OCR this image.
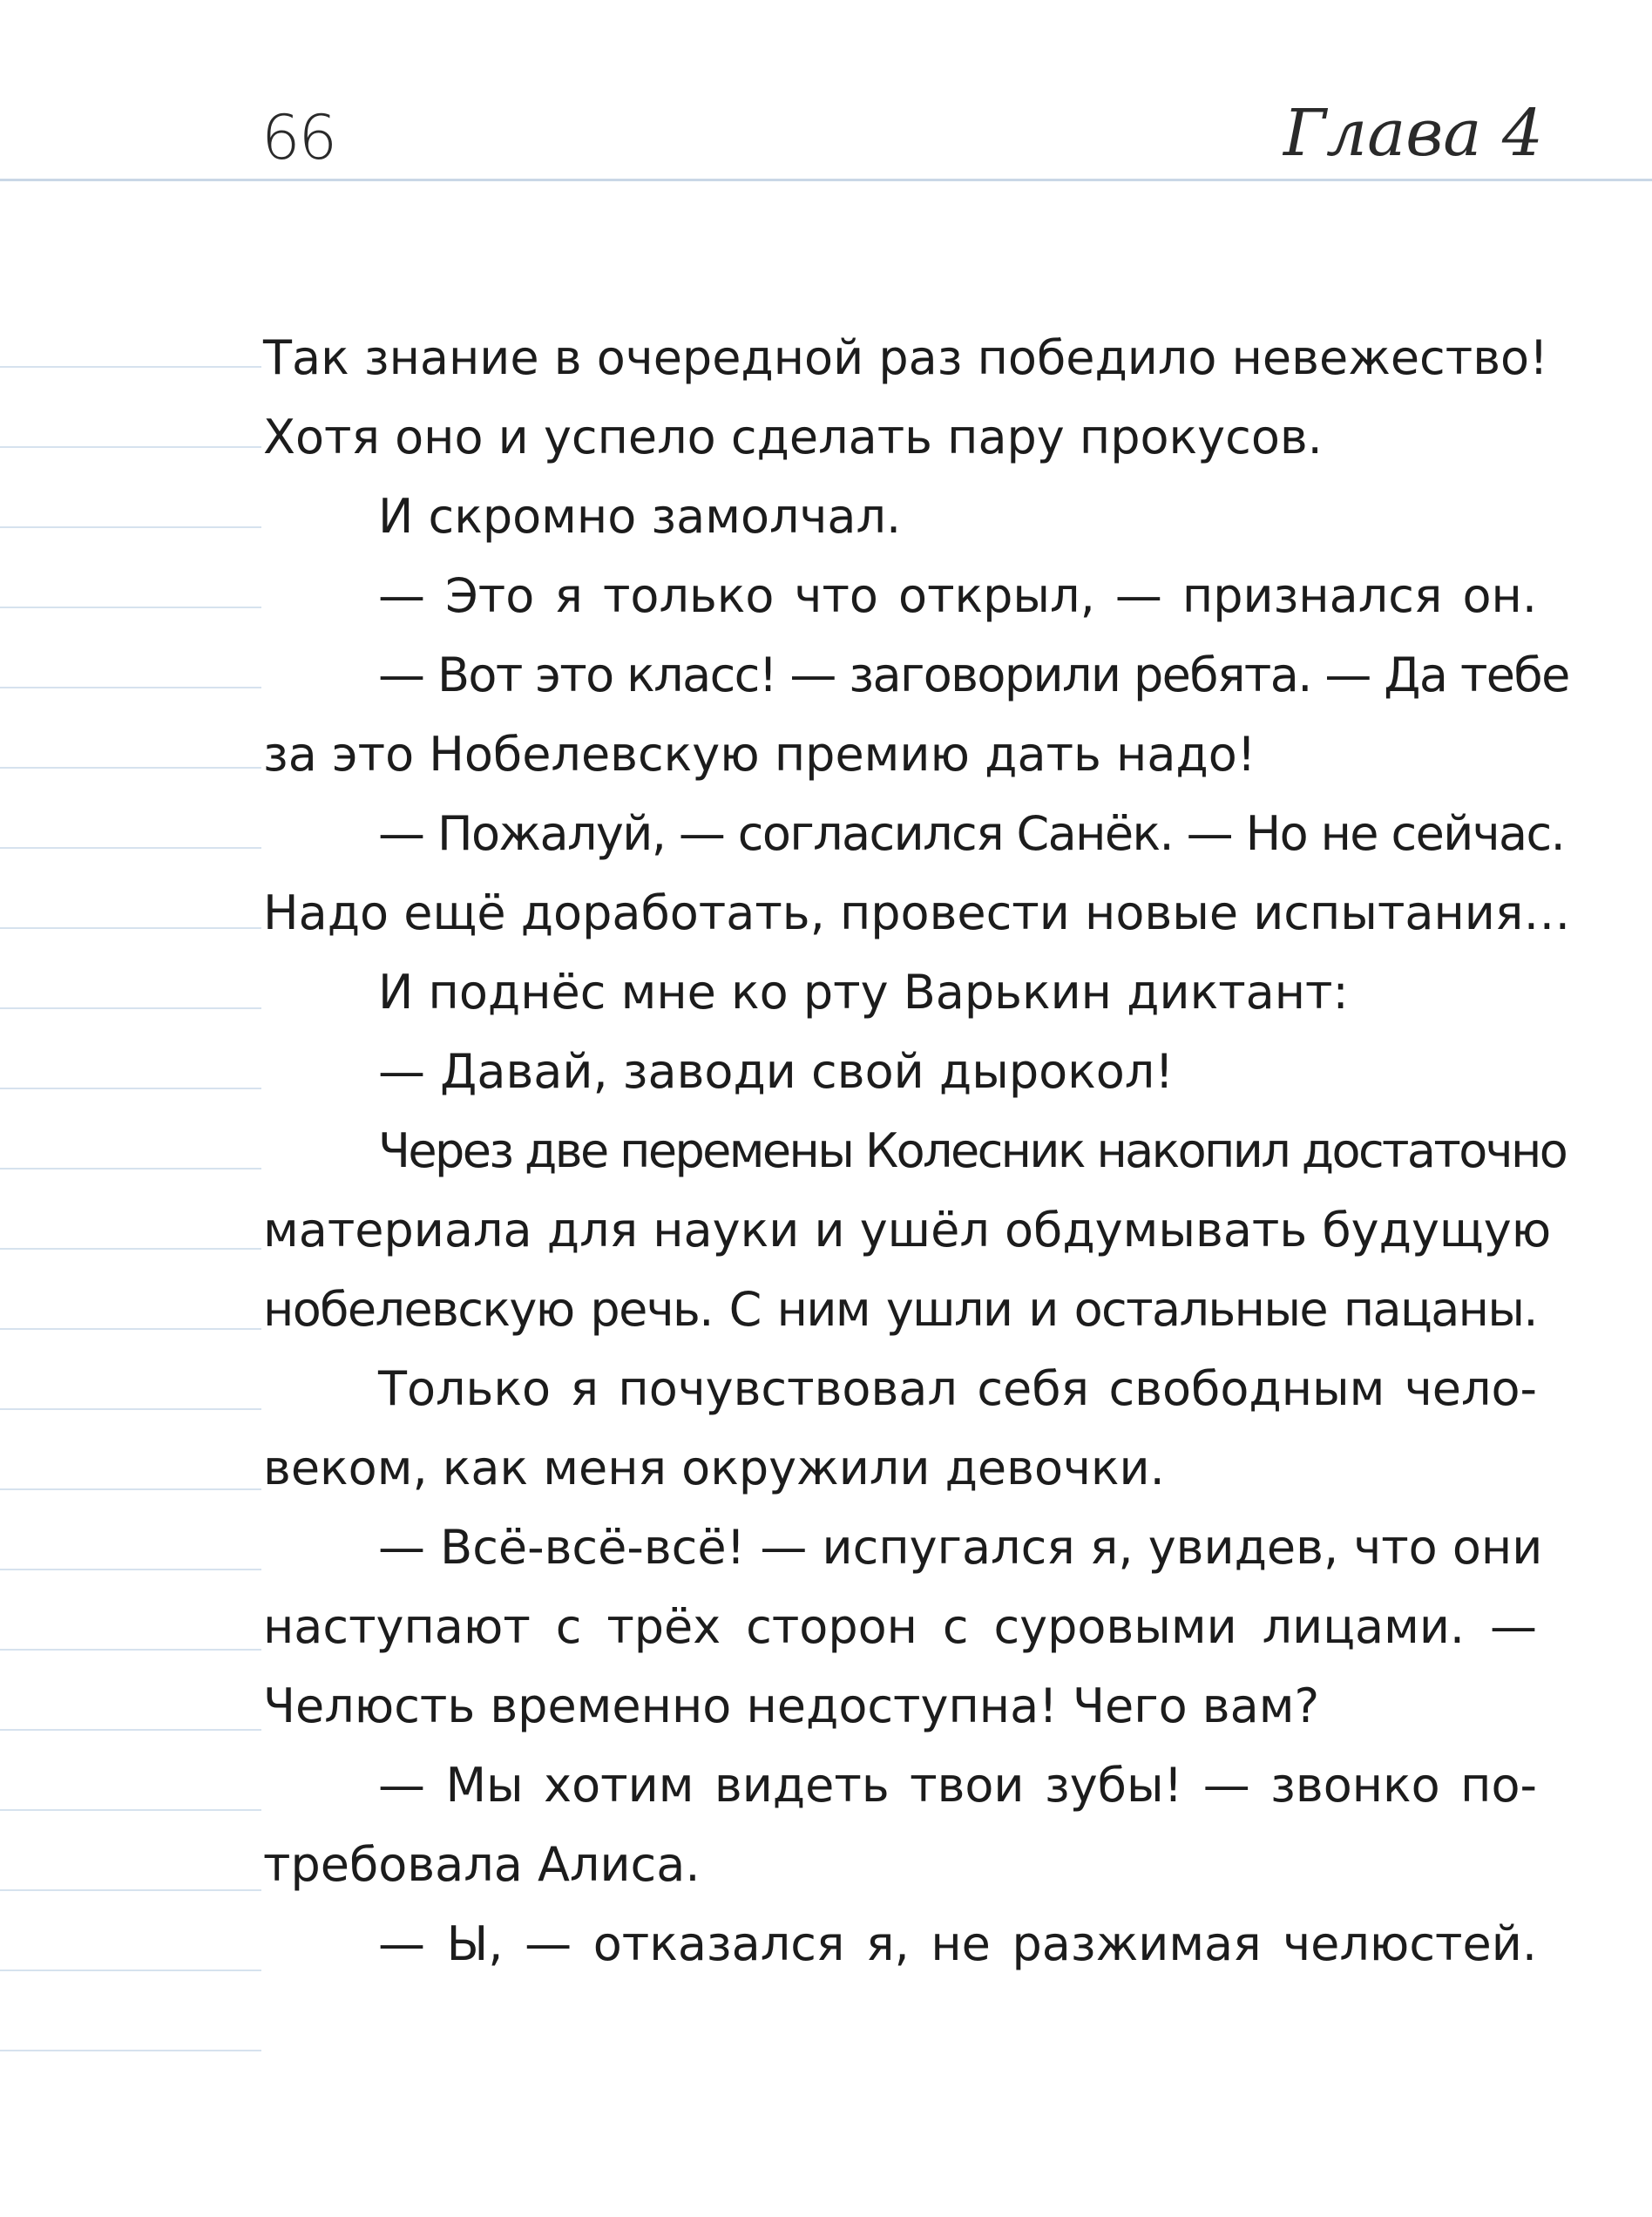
66	Глава 4
Так знание в очередной раз победило невежество!
Хотя оно и успело сделать пару прокусов.
И скромно замолчал.
— Это я только что открыл, — признался он.
— Вот это класс! — заговорили ребята. — Да тебе
за это Нобелевскую премию дать надо!
— Пожалуй, — согласился Санёк. — Но не сейчас.
Надо ещё доработать, провести новые испытания…
И поднёс мне ко рту Варькин диктант:
— Давай, заводи свой дырокол!
Через две перемены Колесник накопил достаточно
материала для науки и ушёл обдумывать будущую
нобелевскую речь. С ним ушли и остальные пацаны.
Только я почувствовал себя свободным чело-
веком, как меня окружили девочки.
— Всё-всё-всё! — испугался я, увидев, что они
наступают с трёх сторон с суровыми лицами. —
Челюсть временно недоступна! Чего вам?
— Мы хотим видеть твои зубы! — звонко по-
требовала Алиса.
— Ы, — отказался я, не разжимая челюстей.
